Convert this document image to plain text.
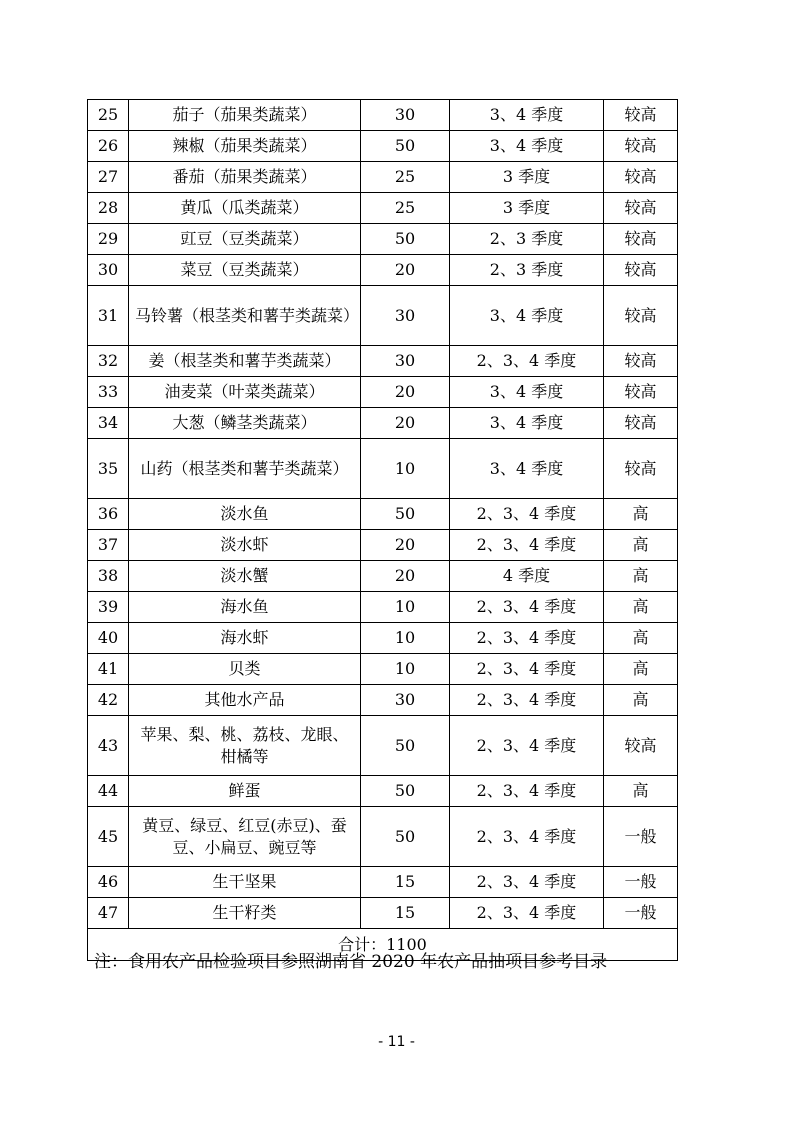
25	茄子（茄果类蔬菜）	30	3、4 季度	较高
26	辣椒（茄果类蔬菜）	50	3、4 季度	较高
27	番茄（茄果类蔬菜）	25	3 季度	较高
28	黄瓜（瓜类蔬菜）	25	3 季度	较高
29	豇豆（豆类蔬菜）	50	2、3 季度	较高
30	菜豆（豆类蔬菜）	20	2、3 季度	较高
31	马铃薯（根茎类和薯芋类蔬菜）	30	3、4 季度	较高
32	姜（根茎类和薯芋类蔬菜）	30	2、3、4 季度	较高
33	油麦菜（叶菜类蔬菜）	20	3、4 季度	较高
34	大葱（鳞茎类蔬菜）	20	3、4 季度	较高
35	山药（根茎类和薯芋类蔬菜）	10	3、4 季度	较高
36	淡水鱼	50	2、3、4 季度	高
37	淡水虾	20	2、3、4 季度	高
38	淡水蟹	20	4 季度	高
39	海水鱼	10	2、3、4 季度	高
40	海水虾	10	2、3、4 季度	高
41	贝类	10	2、3、4 季度	高
42	其他水产品	30	2、3、4 季度	高
43	苹果、梨、桃、荔枝、龙眼、柑橘等	50	2、3、4 季度	较高
44	鲜蛋	50	2、3、4 季度	高
45	黄豆、绿豆、红豆(赤豆)、蚕豆、小扁豆、豌豆等	50	2、3、4 季度	一般
46	生干坚果	15	2、3、4 季度	一般
47	生干籽类	15	2、3、4 季度	一般
合计：1100				
注：食用农产品检验项目参照湖南省 2020 年农产品抽项目参考目录
- 11 -
